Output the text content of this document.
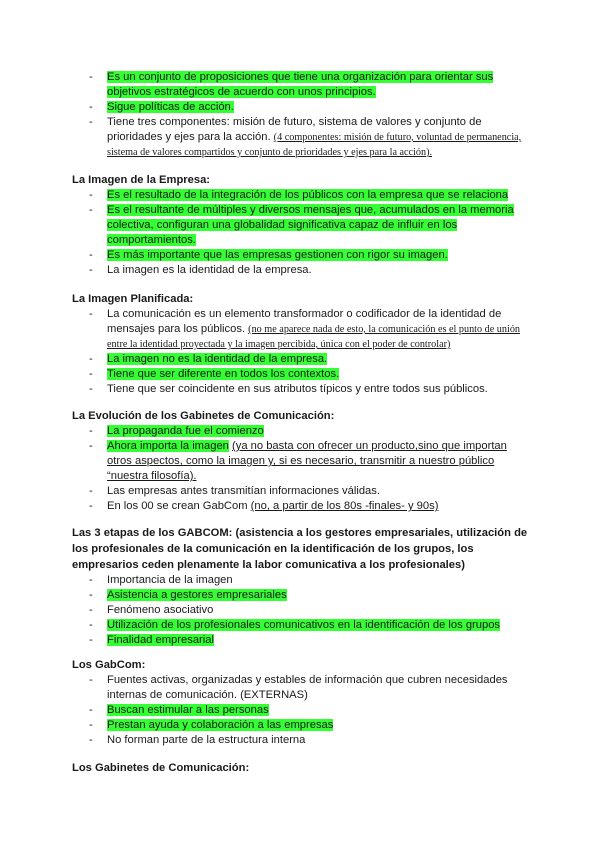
- Es un conjunto de proposiciones que tiene una organización para orientar sus objetivos estratégicos de acuerdo con unos principios.
- Sigue políticas de acción.
- Tiene tres componentes: misión de futuro, sistema de valores y conjunto de prioridades y ejes para la acción. (4 componentes: misión de futuro, voluntad de permanencia, sistema de valores compartidos y conjunto de prioridades y ejes para la acción).

La Imagen de la Empresa:

- Es el resultado de la integración de los públicos con la empresa que se relaciona
- Es el resultante de múltiples y diversos mensajes que, acumulados en la memoria colectiva, configuran una globalidad significativa capaz de influir en los comportamientos.
- Es más importante que las empresas gestionen con rigor su imagen.
- La imagen es la identidad de la empresa.

La Imagen Planificada:

- La comunicación es un elemento transformador o codificador de la identidad de mensajes para los públicos. (no me aparece nada de esto, la comunicación es el punto de unión entre la identidad proyectada y la imagen percibida, única con el poder de controlar)
- La imagen no es la identidad de la empresa.
- Tiene que ser diferente en todos los contextos.
- Tiene que ser coincidente en sus atributos típicos y entre todos sus públicos.

La Evolución de los Gabinetes de Comunicación:

- La propaganda fue el comienzo
- Ahora importa la imagen (ya no basta con ofrecer un producto,sino que importan otros aspectos, como la imagen y, si es necesario, transmitir a nuestro público “nuestra filosofía).
- Las empresas antes transmitían informaciones válidas.
- En los 00 se crean GabCom (no, a partir de los 80s -finales- y 90s)

Las 3 etapas de los GABCOM: (asistencia a los gestores empresariales, utilización de los profesionales de la comunicación en la identificación de los grupos, los empresarios ceden plenamente la labor comunicativa a los profesionales)

- Importancia de la imagen
- Asistencia a gestores empresariales
- Fenómeno asociativo
- Utilización de los profesionales comunicativos en la identificación de los grupos
- Finalidad empresarial

Los GabCom:

- Fuentes activas, organizadas y estables de información que cubren necesidades internas de comunicación. (EXTERNAS)
- Buscan estimular a las personas
- Prestan ayuda y colaboración a las empresas
- No forman parte de la estructura interna

Los Gabinetes de Comunicación:
